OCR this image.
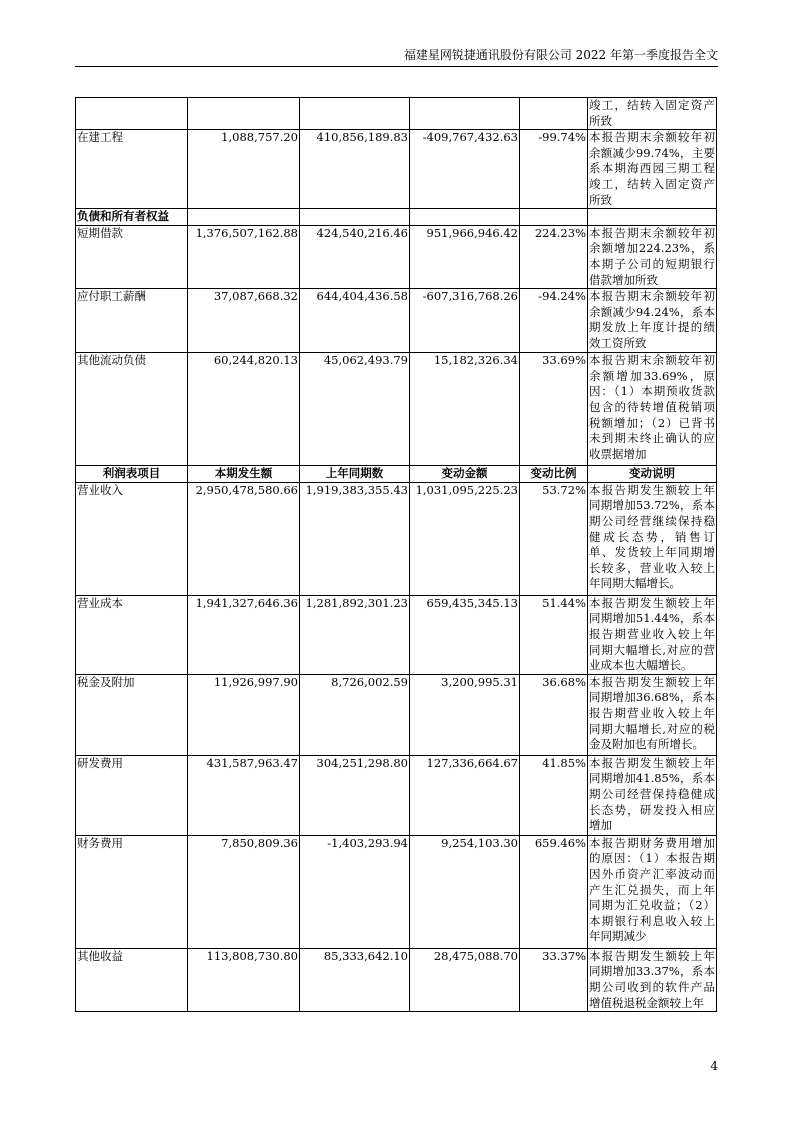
福建星网锐捷通讯股份有限公司 2022 年第一季度报告全文
					竣工，结转入固定资产所致
在建工程	1,088,757.20	410,856,189.83	-409,767,432.63	-99.74%	本报告期末余额较年初余额减少99.74%，主要系本期海西园三期工程竣工，结转入固定资产所致
负债和所有者权益					
短期借款	1,376,507,162.88	424,540,216.46	951,966,946.42	224.23%	本报告期末余额较年初余额增加224.23%，系本期子公司的短期银行借款增加所致
应付职工薪酬	37,087,668.32	644,404,436.58	-607,316,768.26	-94.24%	本报告期末余额较年初余额减少94.24%，系本期发放上年度计提的绩效工资所致
其他流动负债	60,244,820.13	45,062,493.79	15,182,326.34	33.69%	本报告期末余额较年初余额增加33.69%，原因：（1）本期预收货款包含的待转增值税销项税额增加；（2）已背书未到期未终止确认的应收票据增加
利润表项目	本期发生额	上年同期数	变动金额	变动比例	变动说明
营业收入	2,950,478,580.66	1,919,383,355.43	1,031,095,225.23	53.72%	本报告期发生额较上年同期增加53.72%，系本期公司经营继续保持稳健成长态势，销售订单、发货较上年同期增长较多，营业收入较上年同期大幅增长。
营业成本	1,941,327,646.36	1,281,892,301.23	659,435,345.13	51.44%	本报告期发生额较上年同期增加51.44%，系本报告期营业收入较上年同期大幅增长,对应的营业成本也大幅增长。
税金及附加	11,926,997.90	8,726,002.59	3,200,995.31	36.68%	本报告期发生额较上年同期增加36.68%，系本报告期营业收入较上年同期大幅增长,对应的税金及附加也有所增长。
研发费用	431,587,963.47	304,251,298.80	127,336,664.67	41.85%	本报告期发生额较上年同期增加41.85%，系本期公司经营保持稳健成长态势，研发投入相应增加
财务费用	7,850,809.36	-1,403,293.94	9,254,103.30	659.46%	本报告期财务费用增加的原因：（1）本报告期因外币资产汇率波动而产生汇兑损失，而上年同期为汇兑收益；（2）本期银行利息收入较上年同期减少
其他收益	113,808,730.80	85,333,642.10	28,475,088.70	33.37%	本报告期发生额较上年同期增加33.37%，系本期公司收到的软件产品增值税退税金额较上年
4
